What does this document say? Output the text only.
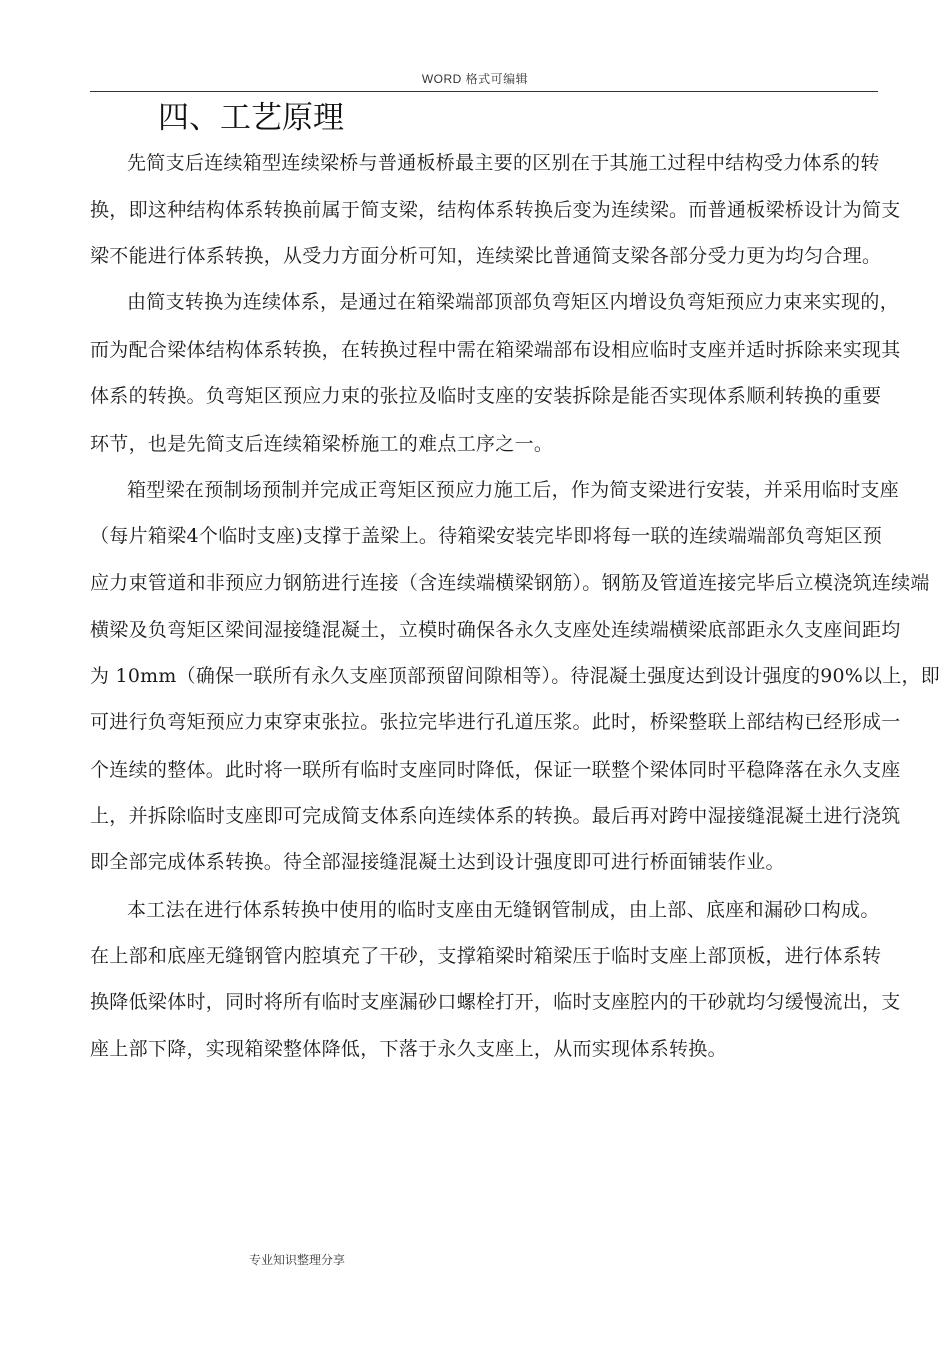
WORD 格式可编辑
四、工艺原理
先简支后连续箱型连续梁桥与普通板桥最主要的区别在于其施工过程中结构受力体系的转
换，即这种结构体系转换前属于简支梁，结构体系转换后变为连续梁。而普通板梁桥设计为简支
梁不能进行体系转换，从受力方面分析可知，连续梁比普通简支梁各部分受力更为均匀合理。
由简支转换为连续体系，是通过在箱梁端部顶部负弯矩区内增设负弯矩预应力束来实现的，
而为配合梁体结构体系转换，在转换过程中需在箱梁端部布设相应临时支座并适时拆除来实现其
体系的转换。负弯矩区预应力束的张拉及临时支座的安装拆除是能否实现体系顺利转换的重要
环节，也是先简支后连续箱梁桥施工的难点工序之一。
箱型梁在预制场预制并完成正弯矩区预应力施工后，作为简支梁进行安装，并采用临时支座
（每片箱梁4个临时支座)支撑于盖梁上。待箱梁安装完毕即将每一联的连续端端部负弯矩区预
应力束管道和非预应力钢筋进行连接（含连续端横梁钢筋）。钢筋及管道连接完毕后立模浇筑连续端
横梁及负弯矩区梁间湿接缝混凝土，立模时确保各永久支座处连续端横梁底部距永久支座间距均
为 10mm（确保一联所有永久支座顶部预留间隙相等）。待混凝土强度达到设计强度的90%以上，即
可进行负弯矩预应力束穿束张拉。张拉完毕进行孔道压浆。此时，桥梁整联上部结构已经形成一
个连续的整体。此时将一联所有临时支座同时降低，保证一联整个梁体同时平稳降落在永久支座
上，并拆除临时支座即可完成简支体系向连续体系的转换。最后再对跨中湿接缝混凝土进行浇筑
即全部完成体系转换。待全部湿接缝混凝土达到设计强度即可进行桥面铺装作业。
本工法在进行体系转换中使用的临时支座由无缝钢管制成，由上部、底座和漏砂口构成。
在上部和底座无缝钢管内腔填充了干砂，支撑箱梁时箱梁压于临时支座上部顶板，进行体系转
换降低梁体时，同时将所有临时支座漏砂口螺栓打开，临时支座腔内的干砂就均匀缓慢流出，支
座上部下降，实现箱梁整体降低，下落于永久支座上，从而实现体系转换。
专业知识整理分享
